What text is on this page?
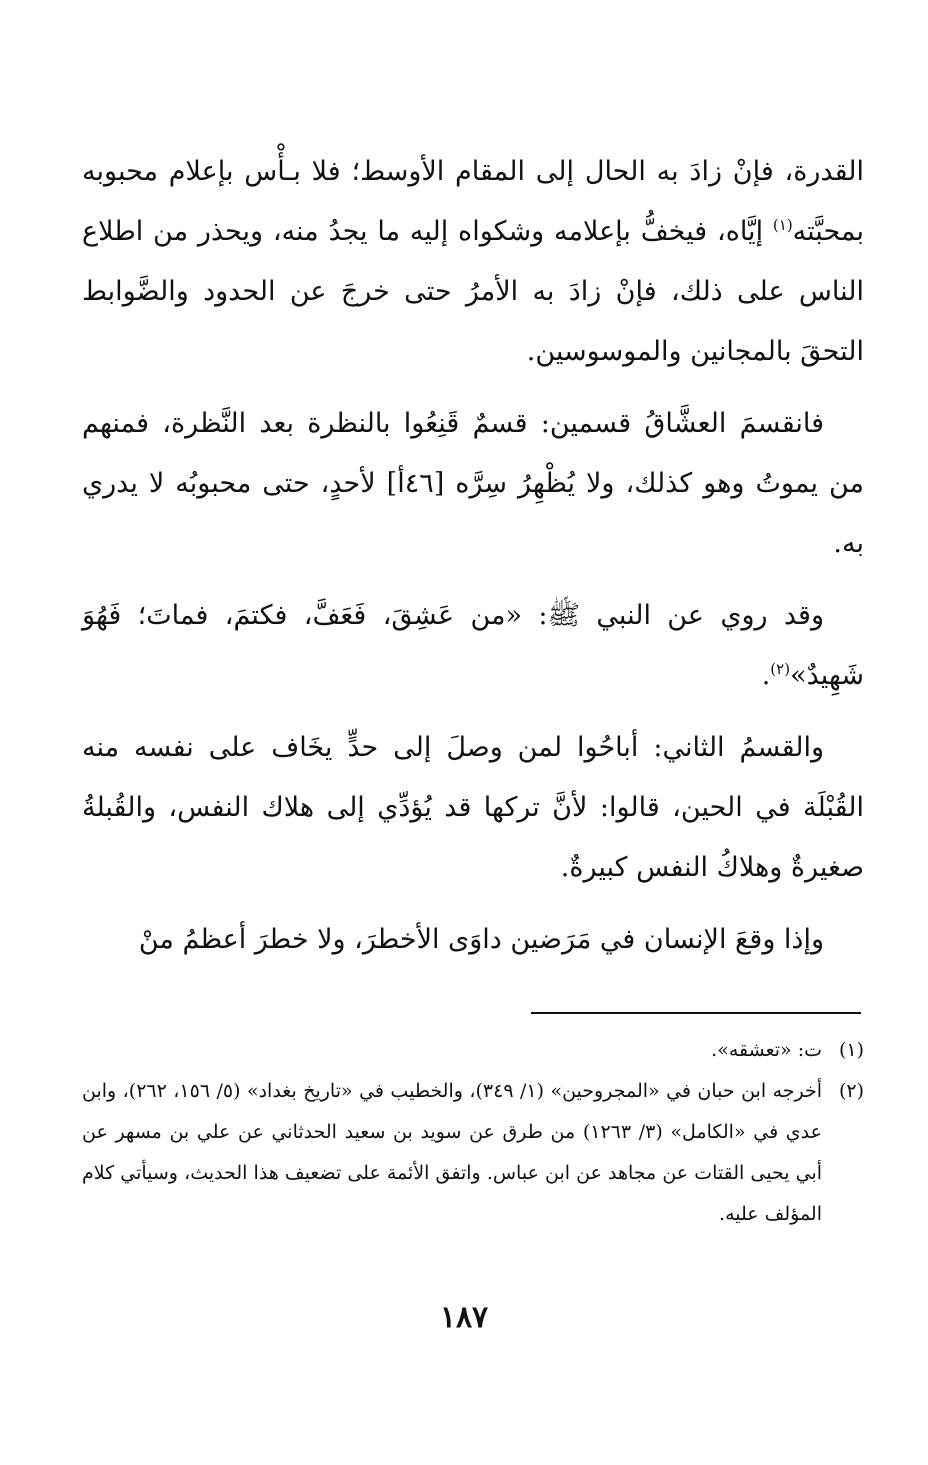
القدرة، فإنْ زادَ به الحال إلى المقام الأوسط؛ فلا بـأْس بإعلام محبوبه بمحبَّته$^{(١)}$ إيَّاه، فيخفُّ بإعلامه وشكواه إليه ما يجدُ منه، ويحذر من اطلاع الناس على ذلك، فإنْ زادَ به الأمرُ حتى خرجَ عن الحدود والضَّوابط التحقَ بالمجانين والموسوسين.

فانقسمَ العشَّاقُ قسمين: قسمٌ قَنِعُوا بالنظرة بعد النَّظرة، فمنهم من يموتُ وهو كذلك، ولا يُظْهِرُ سِرَّه [٤٦أ] لأحدٍ، حتى محبوبُه لا يدري به.

وقد روي عن النبي ﷺ: «من عَشِقَ، فَعَفَّ، فكتمَ، فماتَ؛ فَهُوَ شَهِيدٌ»$^{(٢)}$.

والقسمُ الثاني: أباحُوا لمن وصلَ إلى حدٍّ يخَاف على نفسه منه القُبْلَة في الحين، قالوا: لأنَّ تركها قد يُؤدِّي إلى هلاك النفس، والقُبلةُ صغيرةٌ وهلاكُ النفس كبيرةٌ.

وإذا وقعَ الإنسان في مَرَضين داوَى الأخطرَ، ولا خطرَ أعظمُ منْ

(١)
ت: «تعشقه».
(٢)
أخرجه ابن حبان في «المجروحين» (١/ ٣٤٩)، والخطيب في «تاريخ بغداد» (٥/ ١٥٦، ٢٦٢)، وابن عدي في «الكامل» (٣/ ١٢٦٣) من طرق عن سويد بن سعيد الحدثاني عن علي بن مسهر عن أبي يحيى القتات عن مجاهد عن ابن عباس. واتفق الأئمة على تضعيف هذا الحديث، وسيأتي كلام المؤلف عليه.
١٨٧
